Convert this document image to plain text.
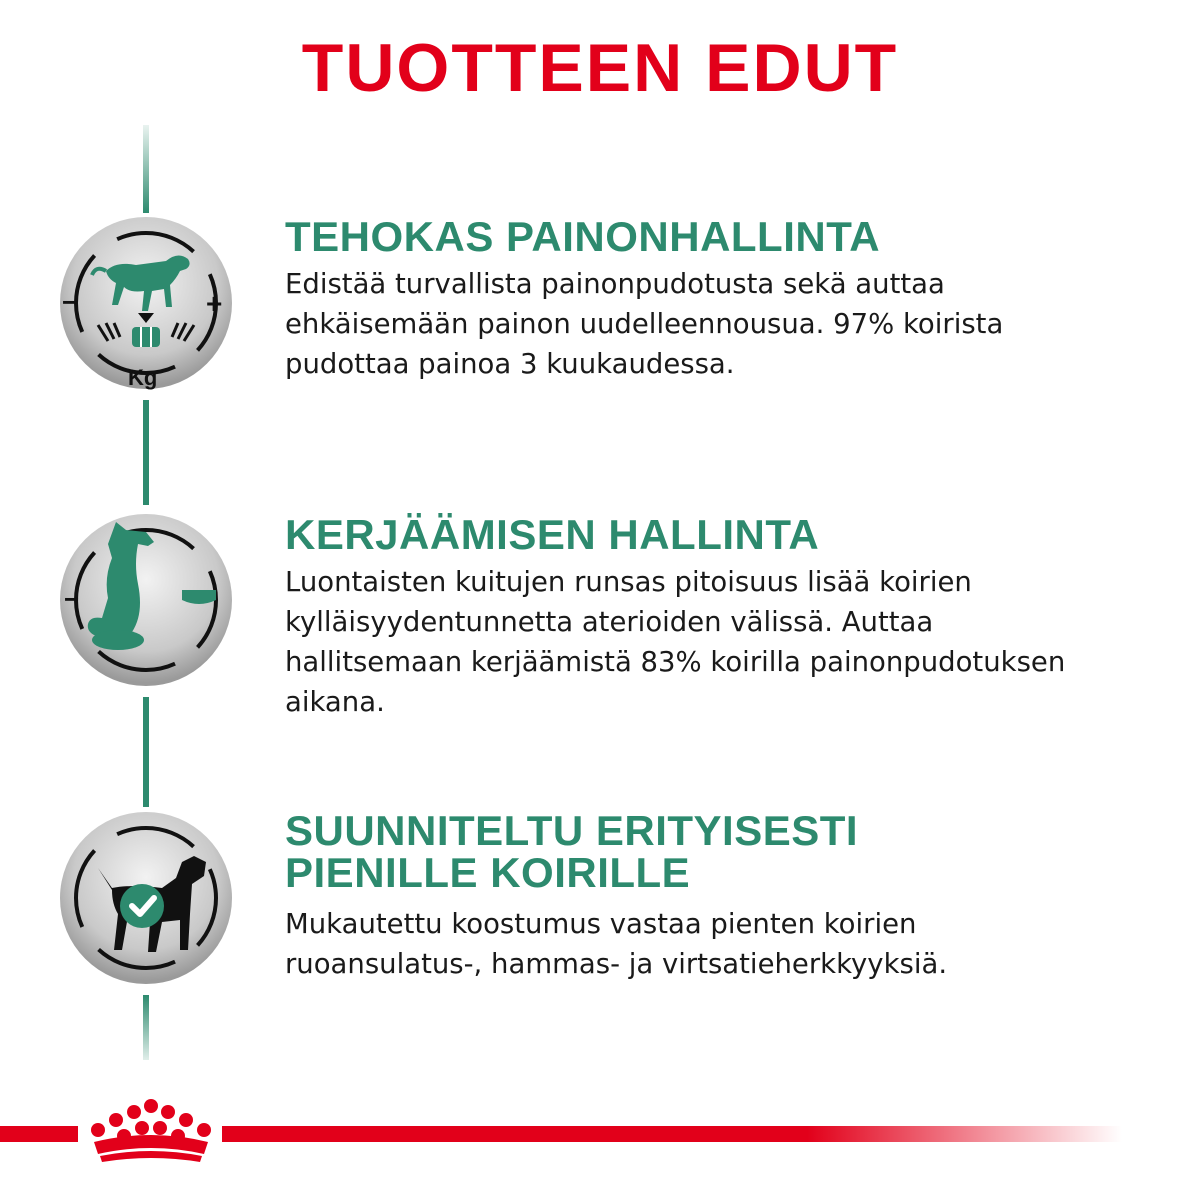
TUOTTEEN EDUT
−	+
Kg
TEHOKAS PAINONHALLINTA
Edistää turvallista painonpudotusta sekä auttaa
ehkäisemään painon uudelleennousua. 97% koirista
pudottaa painoa 3 kuukaudessa.
−
KERJÄÄMISEN HALLINTA
Luontaisten kuitujen runsas pitoisuus lisää koirien
kylläisyydentunnetta aterioiden välissä. Auttaa
hallitsemaan kerjäämistä 83% koirilla painonpudotuksen
aikana.
SUUNNITELTU ERITYISESTI
PIENILLE KOIRILLE
Mukautettu koostumus vastaa pienten koirien
ruoansulatus-, hammas- ja virtsatieherkkyyksiä.
